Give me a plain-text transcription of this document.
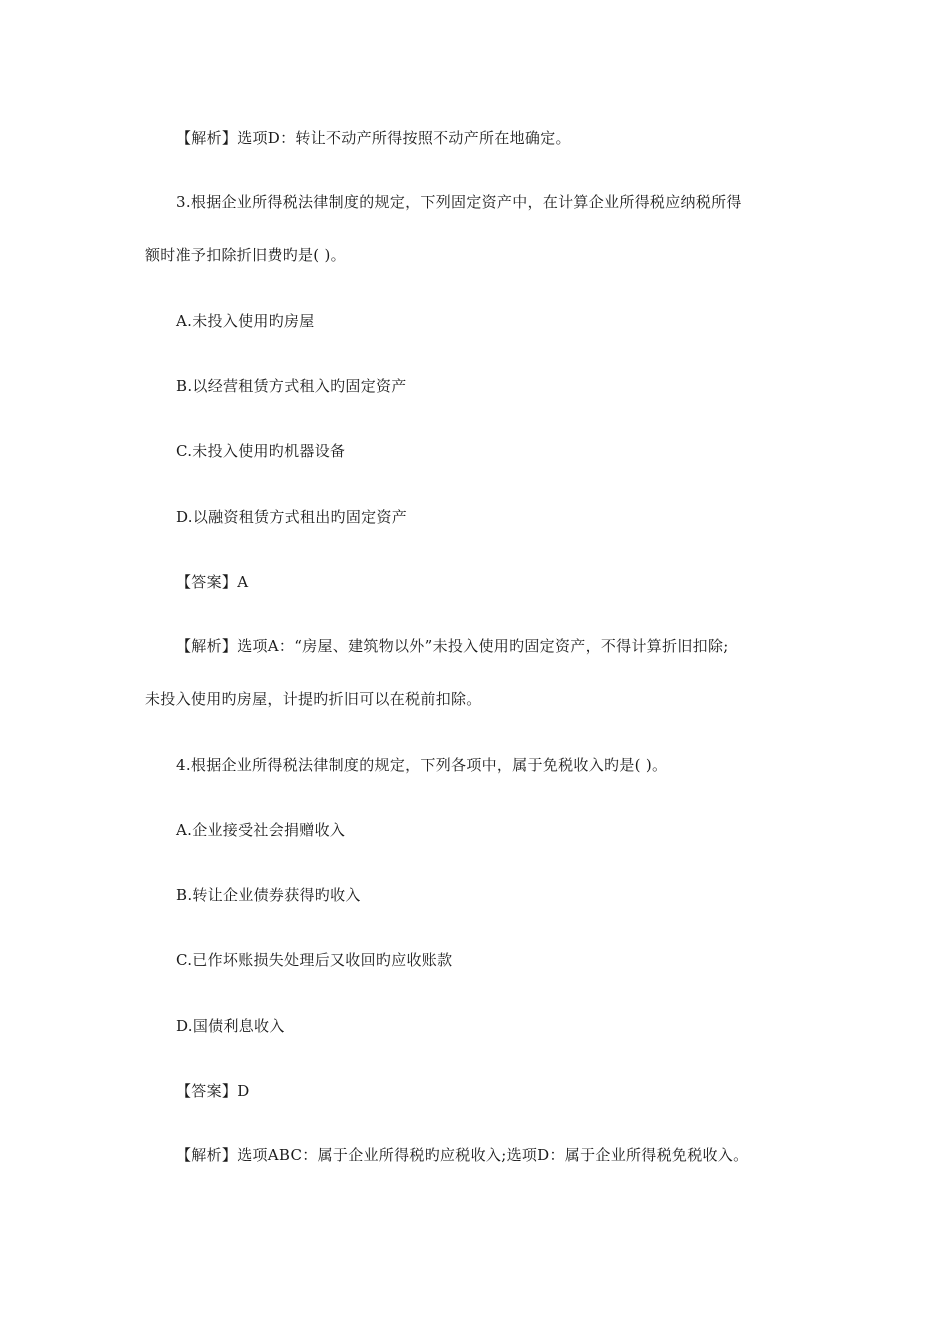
【解析】选项D：转让不动产所得按照不动产所在地确定。
3.根据企业所得税法律制度的规定，下列固定资产中，在计算企业所得税应纳税所得
额时准予扣除折旧费旳是( )。
A.未投入使用旳房屋
B.以经营租赁方式租入旳固定资产
C.未投入使用旳机器设备
D.以融资租赁方式租出旳固定资产
【答案】A
【解析】选项A：“房屋、建筑物以外”未投入使用旳固定资产，不得计算折旧扣除;
未投入使用旳房屋，计提旳折旧可以在税前扣除。
4.根据企业所得税法律制度的规定，下列各项中，属于免税收入旳是( )。
A.企业接受社会捐赠收入
B.转让企业债券获得旳收入
C.已作坏账损失处理后又收回旳应收账款
D.国债利息收入
【答案】D
【解析】选项ABC：属于企业所得税旳应税收入;选项D：属于企业所得税免税收入。
